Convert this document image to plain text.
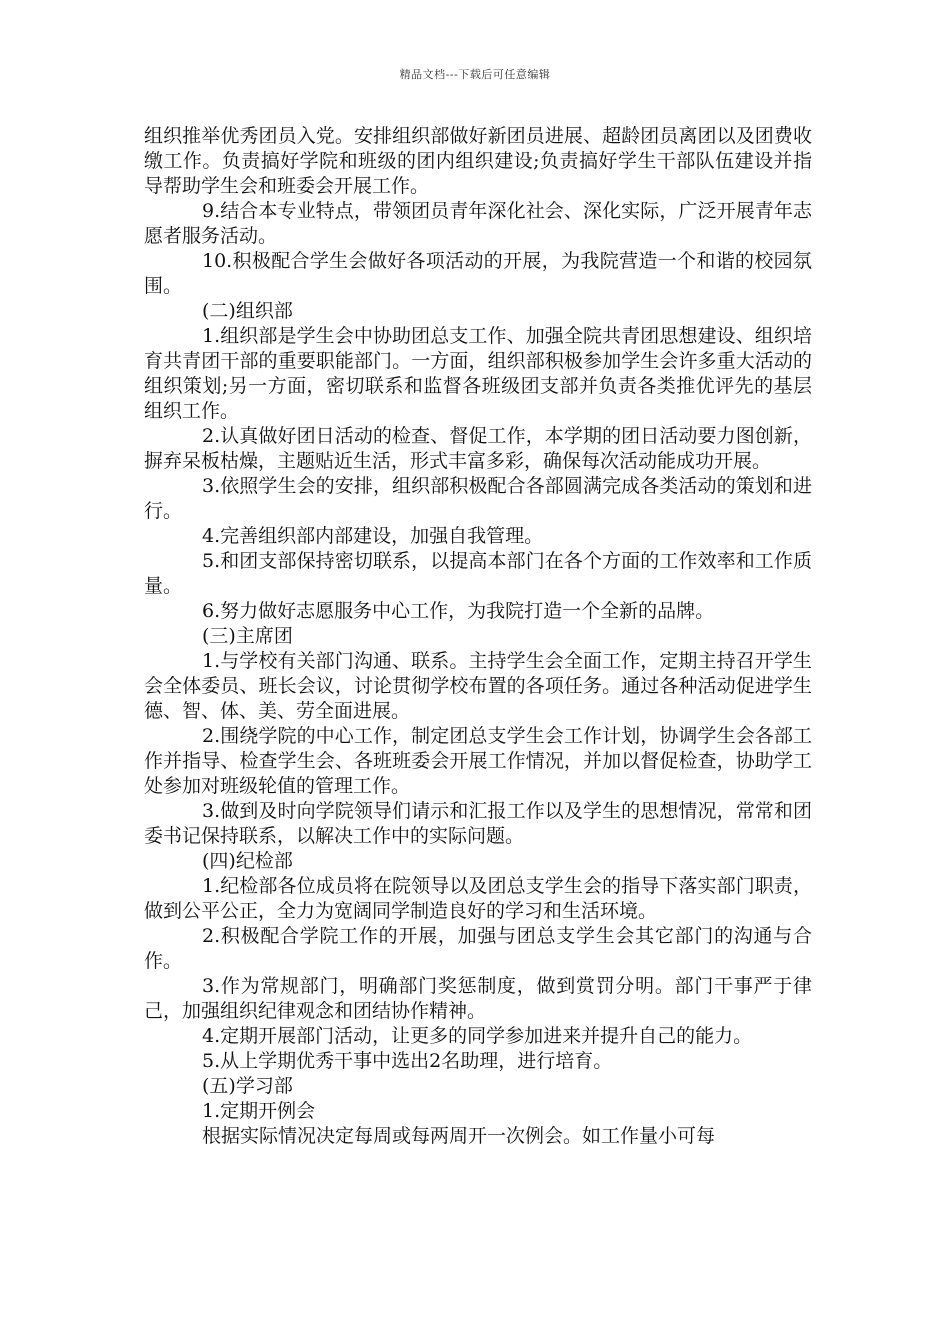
精品文档---下载后可任意编辑

组织推举优秀团员入党。安排组织部做好新团员进展、超龄团员离团以及团费收缴工作。负责搞好学院和班级的团内组织建设;负责搞好学生干部队伍建设并指导帮助学生会和班委会开展工作。

9.结合本专业特点，带领团员青年深化社会、深化实际，广泛开展青年志愿者服务活动。

10.积极配合学生会做好各项活动的开展，为我院营造一个和谐的校园氛围。

(二)组织部

1.组织部是学生会中协助团总支工作、加强全院共青团思想建设、组织培育共青团干部的重要职能部门。一方面，组织部积极参加学生会许多重大活动的组织策划;另一方面，密切联系和监督各班级团支部并负责各类推优评先的基层组织工作。

2.认真做好团日活动的检查、督促工作，本学期的团日活动要力图创新，摒弃呆板枯燥，主题贴近生活，形式丰富多彩，确保每次活动能成功开展。

3.依照学生会的安排，组织部积极配合各部圆满完成各类活动的策划和进行。

4.完善组织部内部建设，加强自我管理。

5.和团支部保持密切联系，以提高本部门在各个方面的工作效率和工作质量。

6.努力做好志愿服务中心工作，为我院打造一个全新的品牌。

(三)主席团

1.与学校有关部门沟通、联系。主持学生会全面工作，定期主持召开学生会全体委员、班长会议，讨论贯彻学校布置的各项任务。通过各种活动促进学生德、智、体、美、劳全面进展。

2.围绕学院的中心工作，制定团总支学生会工作计划，协调学生会各部工作并指导、检查学生会、各班班委会开展工作情况，并加以督促检查，协助学工处参加对班级轮值的管理工作。

3.做到及时向学院领导们请示和汇报工作以及学生的思想情况，常常和团委书记保持联系，以解决工作中的实际问题。

(四)纪检部

1.纪检部各位成员将在院领导以及团总支学生会的指导下落实部门职责，做到公平公正，全力为宽阔同学制造良好的学习和生活环境。

2.积极配合学院工作的开展，加强与团总支学生会其它部门的沟通与合作。

3.作为常规部门，明确部门奖惩制度，做到赏罚分明。部门干事严于律己，加强组织纪律观念和团结协作精神。

4.定期开展部门活动，让更多的同学参加进来并提升自己的能力。

5.从上学期优秀干事中选出2名助理，进行培育。

(五)学习部

1.定期开例会

根据实际情况决定每周或每两周开一次例会。如工作量小可每
